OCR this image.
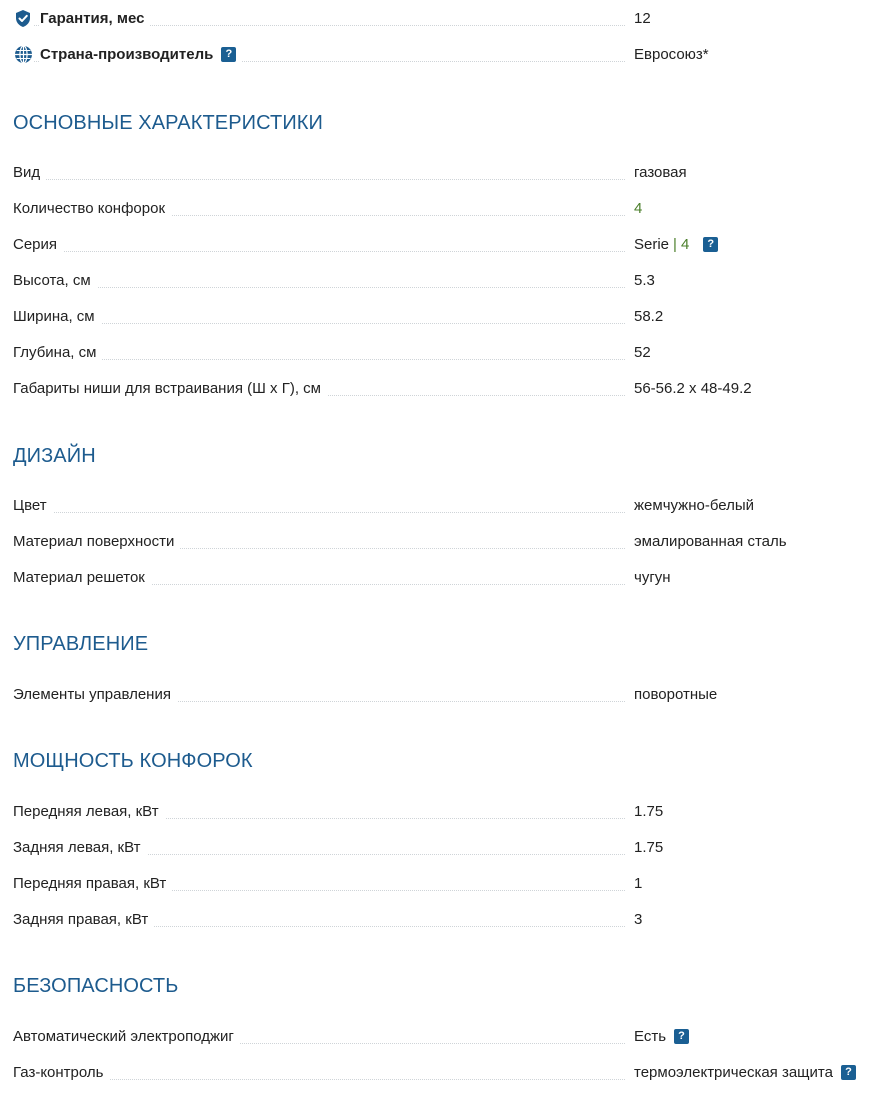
Гарантия, мес	12
Страна-производитель	?	Евросоюз*
ОСНОВНЫЕ ХАРАКТЕРИСТИКИ
Вид	газовая
Количество конфорок	4
Серия	Serie | 4	?
Высота, см	5.3
Ширина, см	58.2
Глубина, см	52
Габариты ниши для встраивания (Ш х Г), см	56-56.2 х 48-49.2
ДИЗАЙН
Цвет	жемчужно-белый
Материал поверхности	эмалированная сталь
Материал решеток	чугун
УПРАВЛЕНИЕ
Элементы управления	поворотные
МОЩНОСТЬ КОНФОРОК
Передняя левая, кВт	1.75
Задняя левая, кВт	1.75
Передняя правая, кВт	1
Задняя правая, кВт	3
БЕЗОПАСНОСТЬ
Автоматический электроподжиг	Есть	?
Газ-контроль	термоэлектрическая защита	?
